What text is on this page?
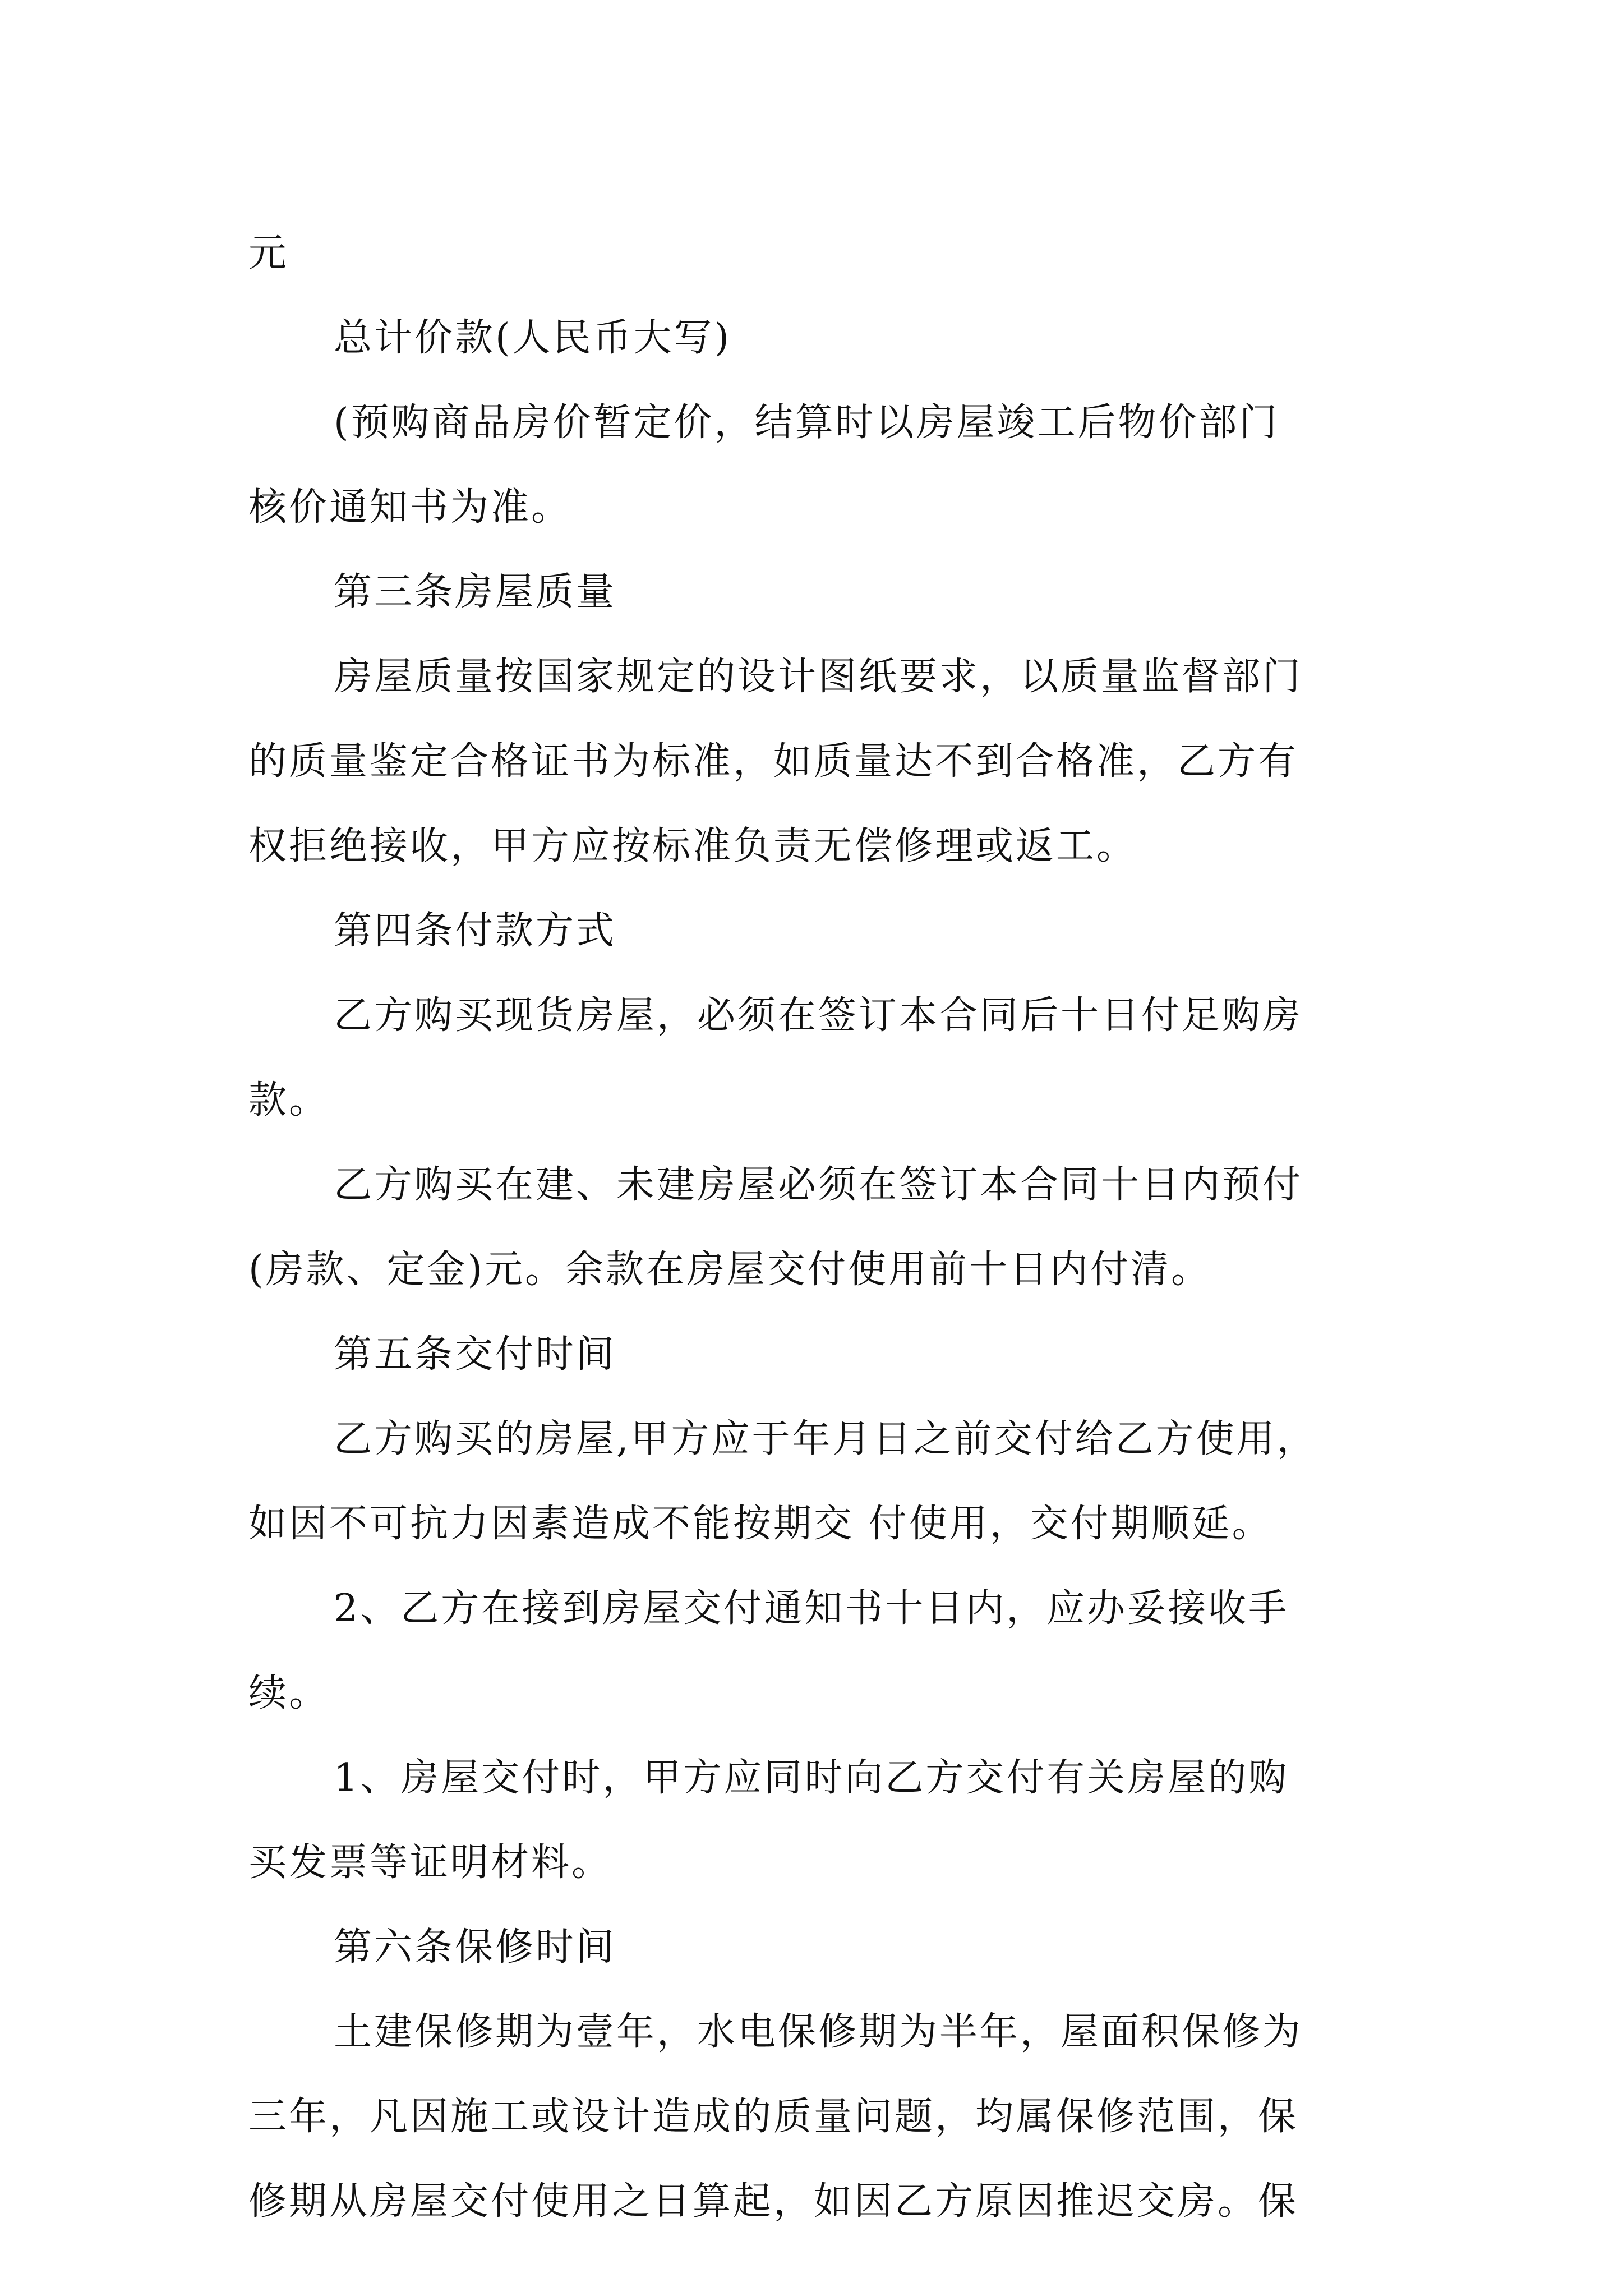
元
总计价款(人民币大写)
(预购商品房价暂定价，结算时以房屋竣工后物价部门
核价通知书为准。
第三条房屋质量
房屋质量按国家规定的设计图纸要求，以质量监督部门
的质量鉴定合格证书为标准，如质量达不到合格准，乙方有
权拒绝接收，甲方应按标准负责无偿修理或返工。
第四条付款方式
乙方购买现货房屋，必须在签订本合同后十日付足购房
款。
乙方购买在建、未建房屋必须在签订本合同十日内预付
(房款、定金)元。余款在房屋交付使用前十日内付清。
第五条交付时间
乙方购买的房屋,甲方应于年月日之前交付给乙方使用，
如因不可抗力因素造成不能按期交 付使用，交付期顺延。
2、乙方在接到房屋交付通知书十日内，应办妥接收手
续。
1、房屋交付时，甲方应同时向乙方交付有关房屋的购
买发票等证明材料。
第六条保修时间
土建保修期为壹年，水电保修期为半年，屋面积保修为
三年，凡因施工或设计造成的质量问题，均属保修范围，保
修期从房屋交付使用之日算起，如因乙方原因推迟交房。保
